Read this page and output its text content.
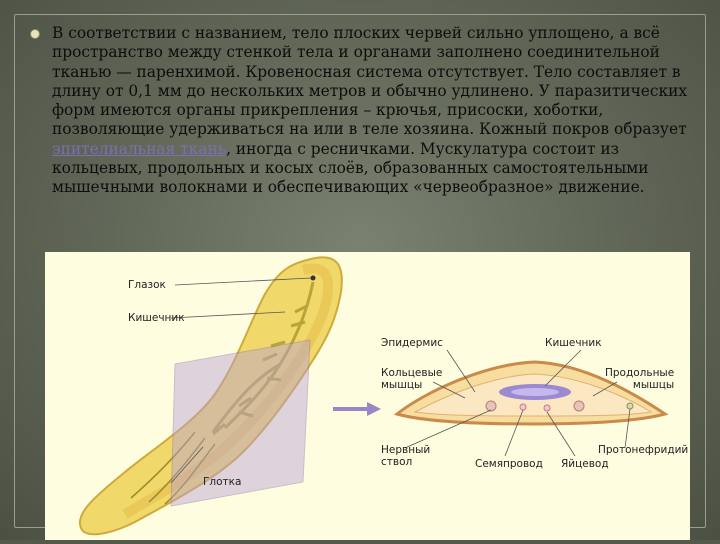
В соответствии с названием, тело плоских червей сильно уплощено, а всё пространство между стенкой тела и органами заполнено соединительной тканью — паренхимой. Кровеносная система отсутствует. Тело составляет в длину от 0,1 мм до нескольких метров и обычно удлинено. У паразитических форм имеются органы прикрепления – крючья, присоски, хоботки, позволяющие удерживаться на или в теле хозяина. Кожный покров образует эпителиальная ткань, иногда с ресничками. Мускулатура состоит из кольцевых, продольных и косых слоёв, образованных самостоятельными мышечными волокнами и обеспечивающих «червеобразное» движение.
Глазок
Кишечник
Глотка
Эпидермис	Кишечник
Кольцевые
мышцы
Продольные
мышцы
Нервный
ствол	Семяпровод Яйцевод
Протонефридий
